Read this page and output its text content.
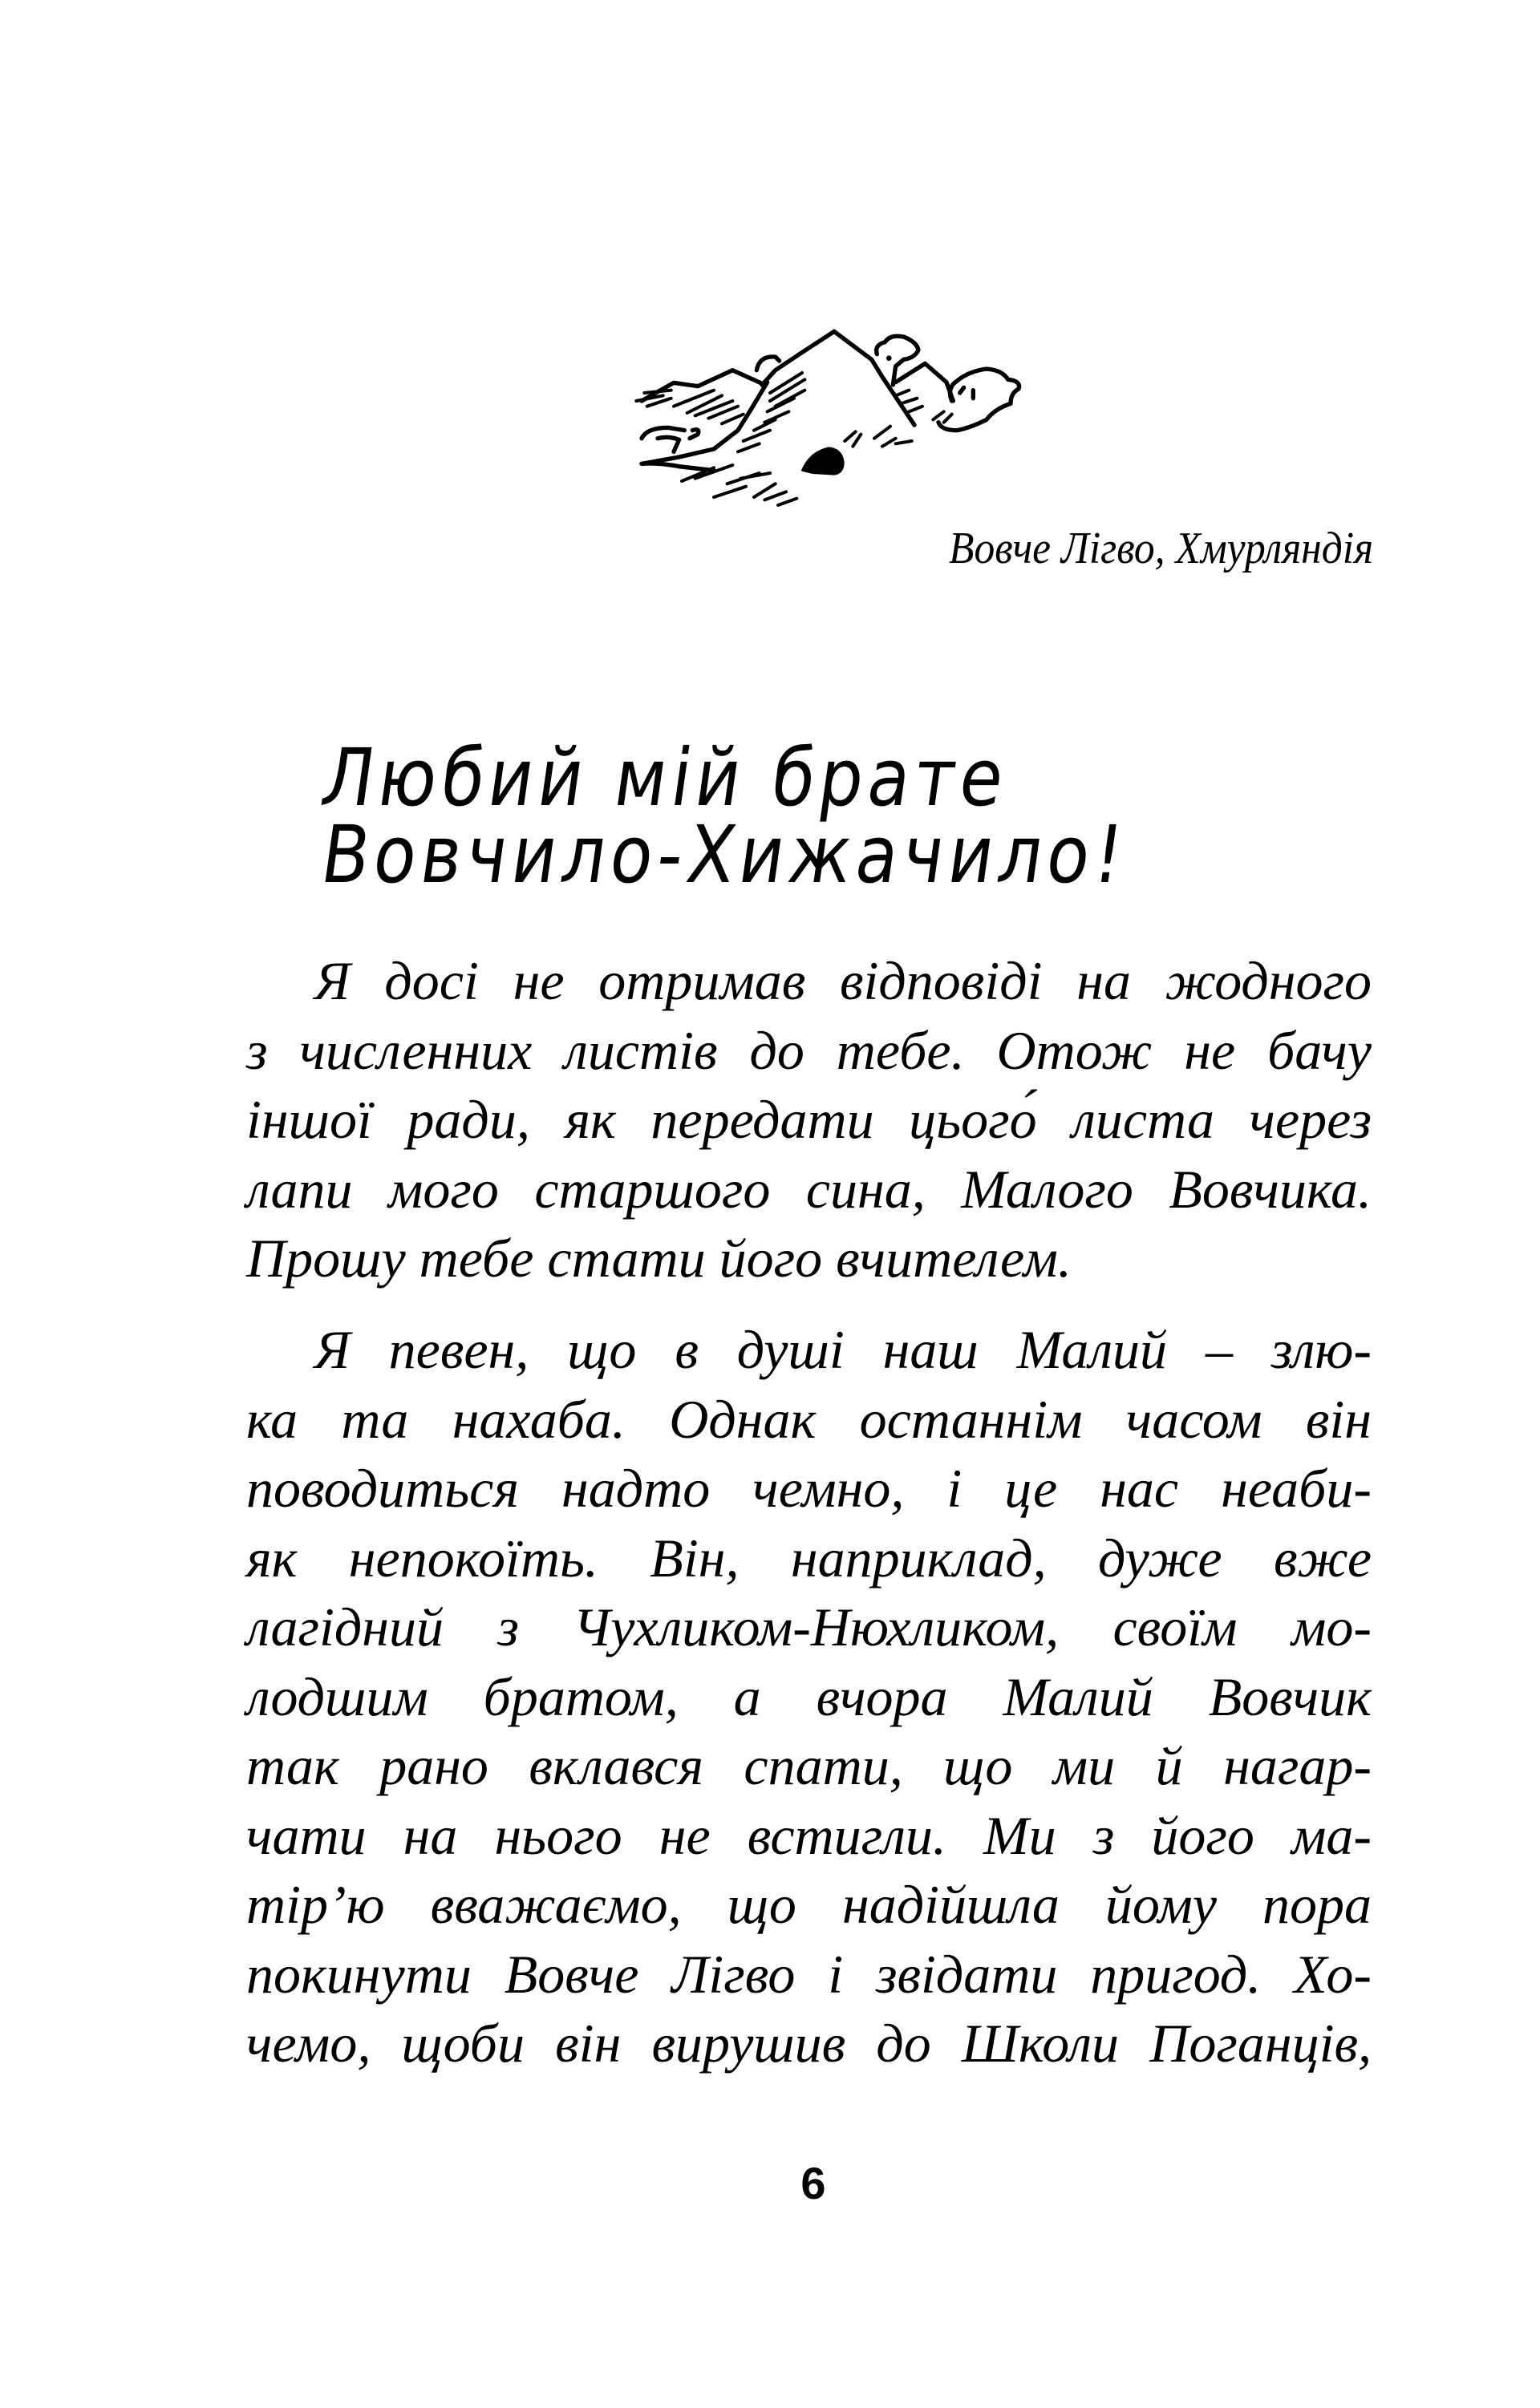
Вовче Лігво, Хмурляндія
Любий мій брате
Вовчило-Хижачило!
Я досі не отримав відповіді на жодного
з численних листів до тебе. Отож не бачу
іншої ради, як передати цього́ листа через
лапи мого старшого сина, Малого Вовчика.
Прошу тебе стати його вчителем.
Я певен, що в душі наш Малий – злю-
ка та нахаба. Однак останнім часом він
поводиться надто чемно, і це нас неаби-
як непокоїть. Він, наприклад, дуже вже
лагідний з Чухликом-Нюхликом, своїм мо-
лодшим братом, а вчора Малий Вовчик
так рано вклався спати, що ми й нагар-
чати на нього не встигли. Ми з його ма-
тір’ю вважаємо, що надійшла йому пора
покинути Вовче Лігво і звідати пригод. Хо-
чемо, щоби він вирушив до Школи Поганців,
6
